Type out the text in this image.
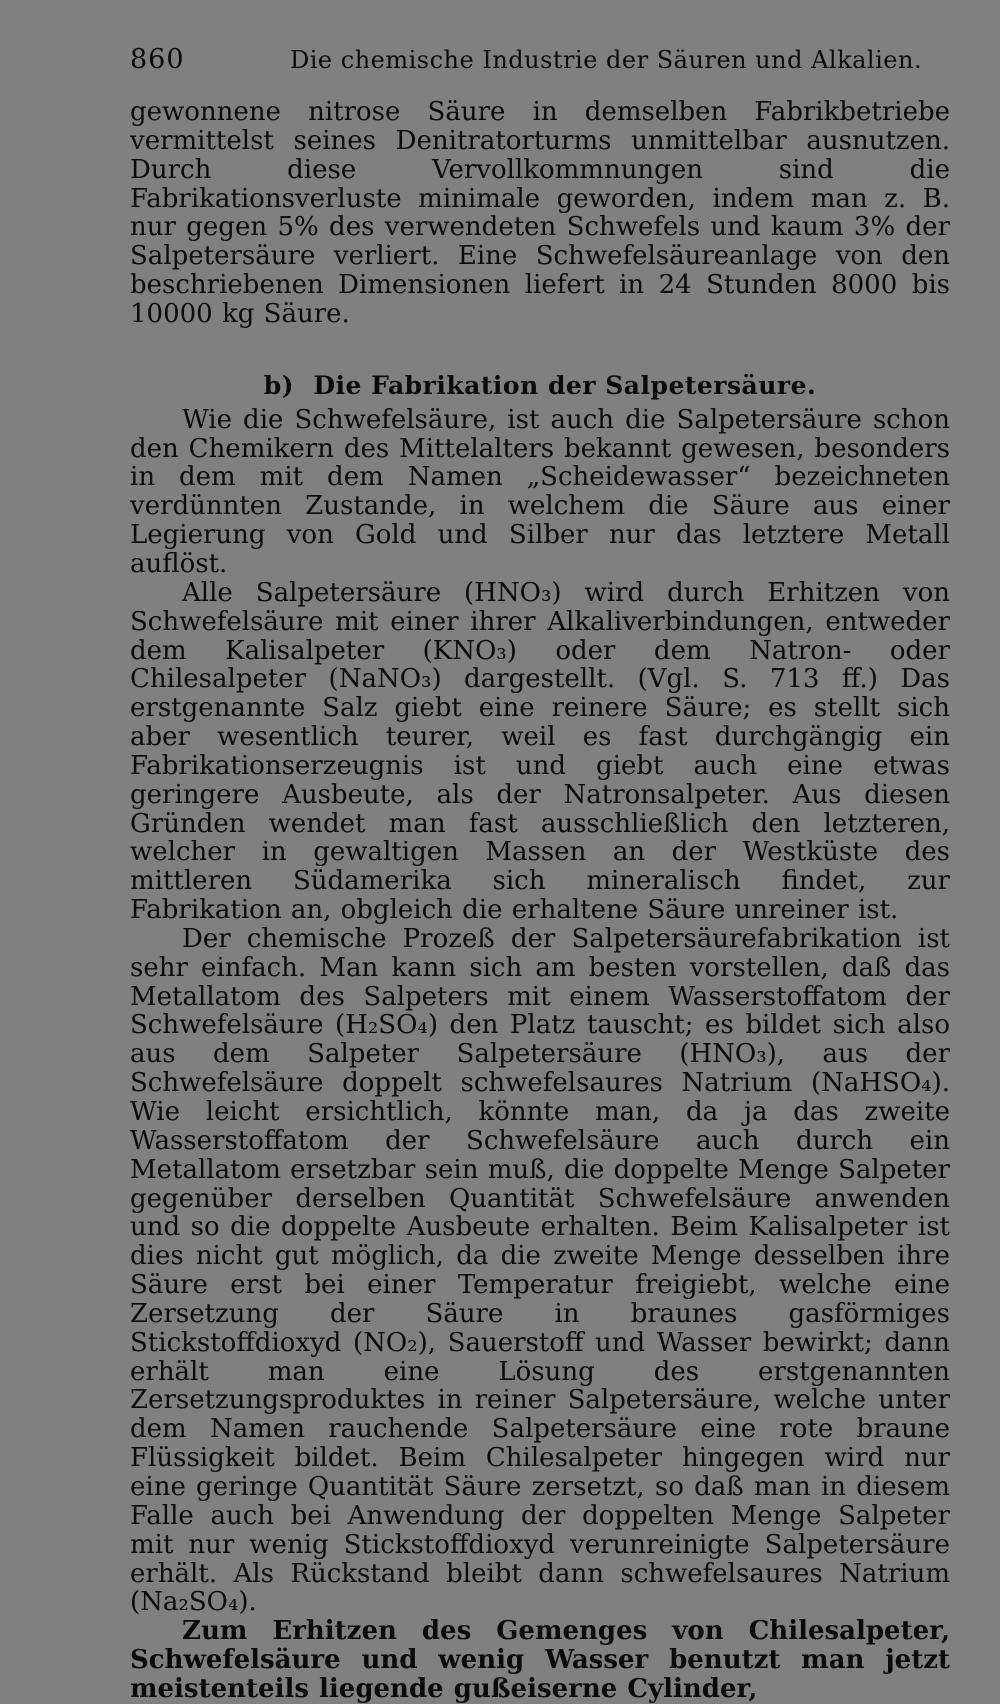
860	Die chemische Industrie der Säuren und Alkalien.

gewonnene nitrose Säure in demselben Fabrikbetriebe vermittelst seines Denitratorturms unmittelbar ausnutzen. Durch diese Vervollkommnungen sind die Fabrikationsverluste minimale geworden, indem man z. B. nur gegen 5% des verwendeten Schwefels und kaum 3% der Salpetersäure verliert. Eine Schwefelsäureanlage von den beschriebenen Dimensionen liefert in 24 Stunden 8000 bis 10000 kg Säure.

b) Die Fabrikation der Salpetersäure.

Wie die Schwefelsäure, ist auch die Salpetersäure schon den Chemikern des Mittelalters bekannt gewesen, besonders in dem mit dem Namen „Scheidewasser“ bezeichneten verdünnten Zustande, in welchem die Säure aus einer Legierung von Gold und Silber nur das letztere Metall auflöst.

Alle Salpetersäure (HNO₃) wird durch Erhitzen von Schwefelsäure mit einer ihrer Alkaliverbindungen, entweder dem Kalisalpeter (KNO₃) oder dem Natron- oder Chilesalpeter (NaNO₃) dargestellt. (Vgl. S. 713 ff.) Das erstgenannte Salz giebt eine reinere Säure; es stellt sich aber wesentlich teurer, weil es fast durchgängig ein Fabrikationserzeugnis ist und giebt auch eine etwas geringere Ausbeute, als der Natronsalpeter. Aus diesen Gründen wendet man fast ausschließlich den letzteren, welcher in gewaltigen Massen an der Westküste des mittleren Südamerika sich mineralisch findet, zur Fabrikation an, obgleich die erhaltene Säure unreiner ist.

Der chemische Prozeß der Salpetersäurefabrikation ist sehr einfach. Man kann sich am besten vorstellen, daß das Metallatom des Salpeters mit einem Wasserstoffatom der Schwefelsäure (H₂SO₄) den Platz tauscht; es bildet sich also aus dem Salpeter Salpetersäure (HNO₃), aus der Schwefelsäure doppelt schwefelsaures Natrium (NaHSO₄). Wie leicht ersichtlich, könnte man, da ja das zweite Wasserstoffatom der Schwefelsäure auch durch ein Metallatom ersetzbar sein muß, die doppelte Menge Salpeter gegenüber derselben Quantität Schwefelsäure anwenden und so die doppelte Ausbeute erhalten. Beim Kalisalpeter ist dies nicht gut möglich, da die zweite Menge desselben ihre Säure erst bei einer Temperatur freigiebt, welche eine Zersetzung der Säure in braunes gasförmiges Stickstoffdioxyd (NO₂), Sauerstoff und Wasser bewirkt; dann erhält man eine Lösung des erstgenannten Zersetzungsproduktes in reiner Salpetersäure, welche unter dem Namen rauchende Salpetersäure eine rote braune Flüssigkeit bildet. Beim Chilesalpeter hingegen wird nur eine geringe Quantität Säure zersetzt, so daß man in diesem Falle auch bei Anwendung der doppelten Menge Salpeter mit nur wenig Stickstoffdioxyd verunreinigte Salpetersäure erhält. Als Rückstand bleibt dann schwefelsaures Natrium (Na₂SO₄).

Zum Erhitzen des Gemenges von Chilesalpeter, Schwefelsäure und wenig Wasser benutzt man jetzt meistenteils liegende gußeiserne Cylinder,
